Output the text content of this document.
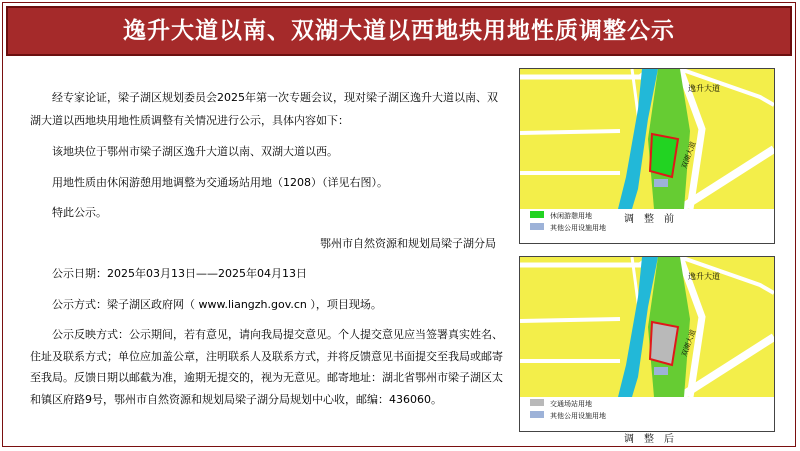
逸升大道以南、双湖大道以西地块用地性质调整公示
经专家论证，梁子湖区规划委员会2025年第一次专题会议，现对梁子湖区逸升大道以南、双湖大道以西地块用地性质调整有关情况进行公示，具体内容如下：
该地块位于鄂州市梁子湖区逸升大道以南、双湖大道以西。
用地性质由休闲游憩用地调整为交通场站用地（1208）（详见右图）。
特此公示。
鄂州市自然资源和规划局梁子湖分局
公示日期：2025年03月13日——2025年04月13日
公示方式：梁子湖区政府网（ www.liangzh.gov.cn ），项目现场。
公示反映方式：公示期间，若有意见，请向我局提交意见。个人提交意见应当签署真实姓名、住址及联系方式；单位应加盖公章，注明联系人及联系方式，并将反馈意见书面提交至我局或邮寄至我局。反馈日期以邮截为准，逾期无提交的，视为无意见。邮寄地址：湖北省鄂州市梁子湖区太和镇区府路9号，鄂州市自然资源和规划局梁子湖分局规划中心收，邮编：436060。
逸升大道
双湖大道
休闲游憩用地
其他公用设施用地
调整前
逸升大道
双湖大道
交通场站用地
其他公用设施用地
调整后
